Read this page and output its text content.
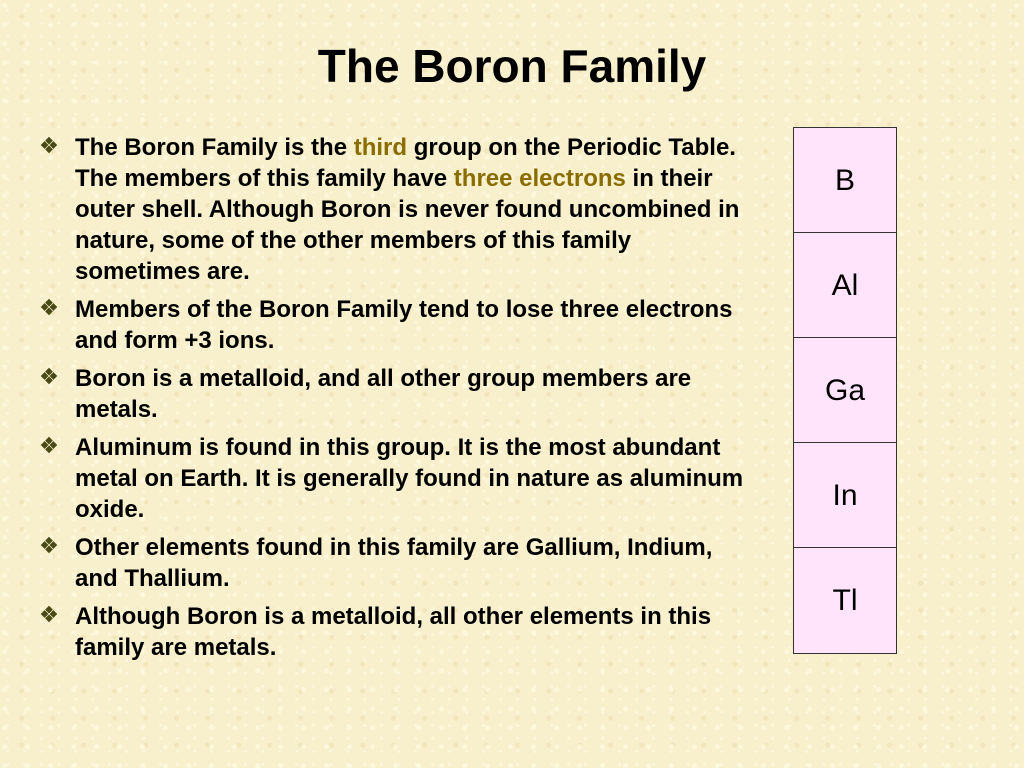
The Boron Family
The Boron Family is the third group on the Periodic Table. The members of this family have three electrons in their outer shell. Although Boron is never found uncombined in nature, some of the other members of this family sometimes are.
Members of the Boron Family tend to lose three electrons and form +3 ions.
Boron is a metalloid, and all other group members are metals.
Aluminum is found in this group. It is the most abundant metal on Earth. It is generally found in nature as aluminum oxide.
Other elements found in this family are Gallium, Indium, and Thallium.
Although Boron is a metalloid, all other elements in this family are metals.
B
Al
Ga
In
Tl
